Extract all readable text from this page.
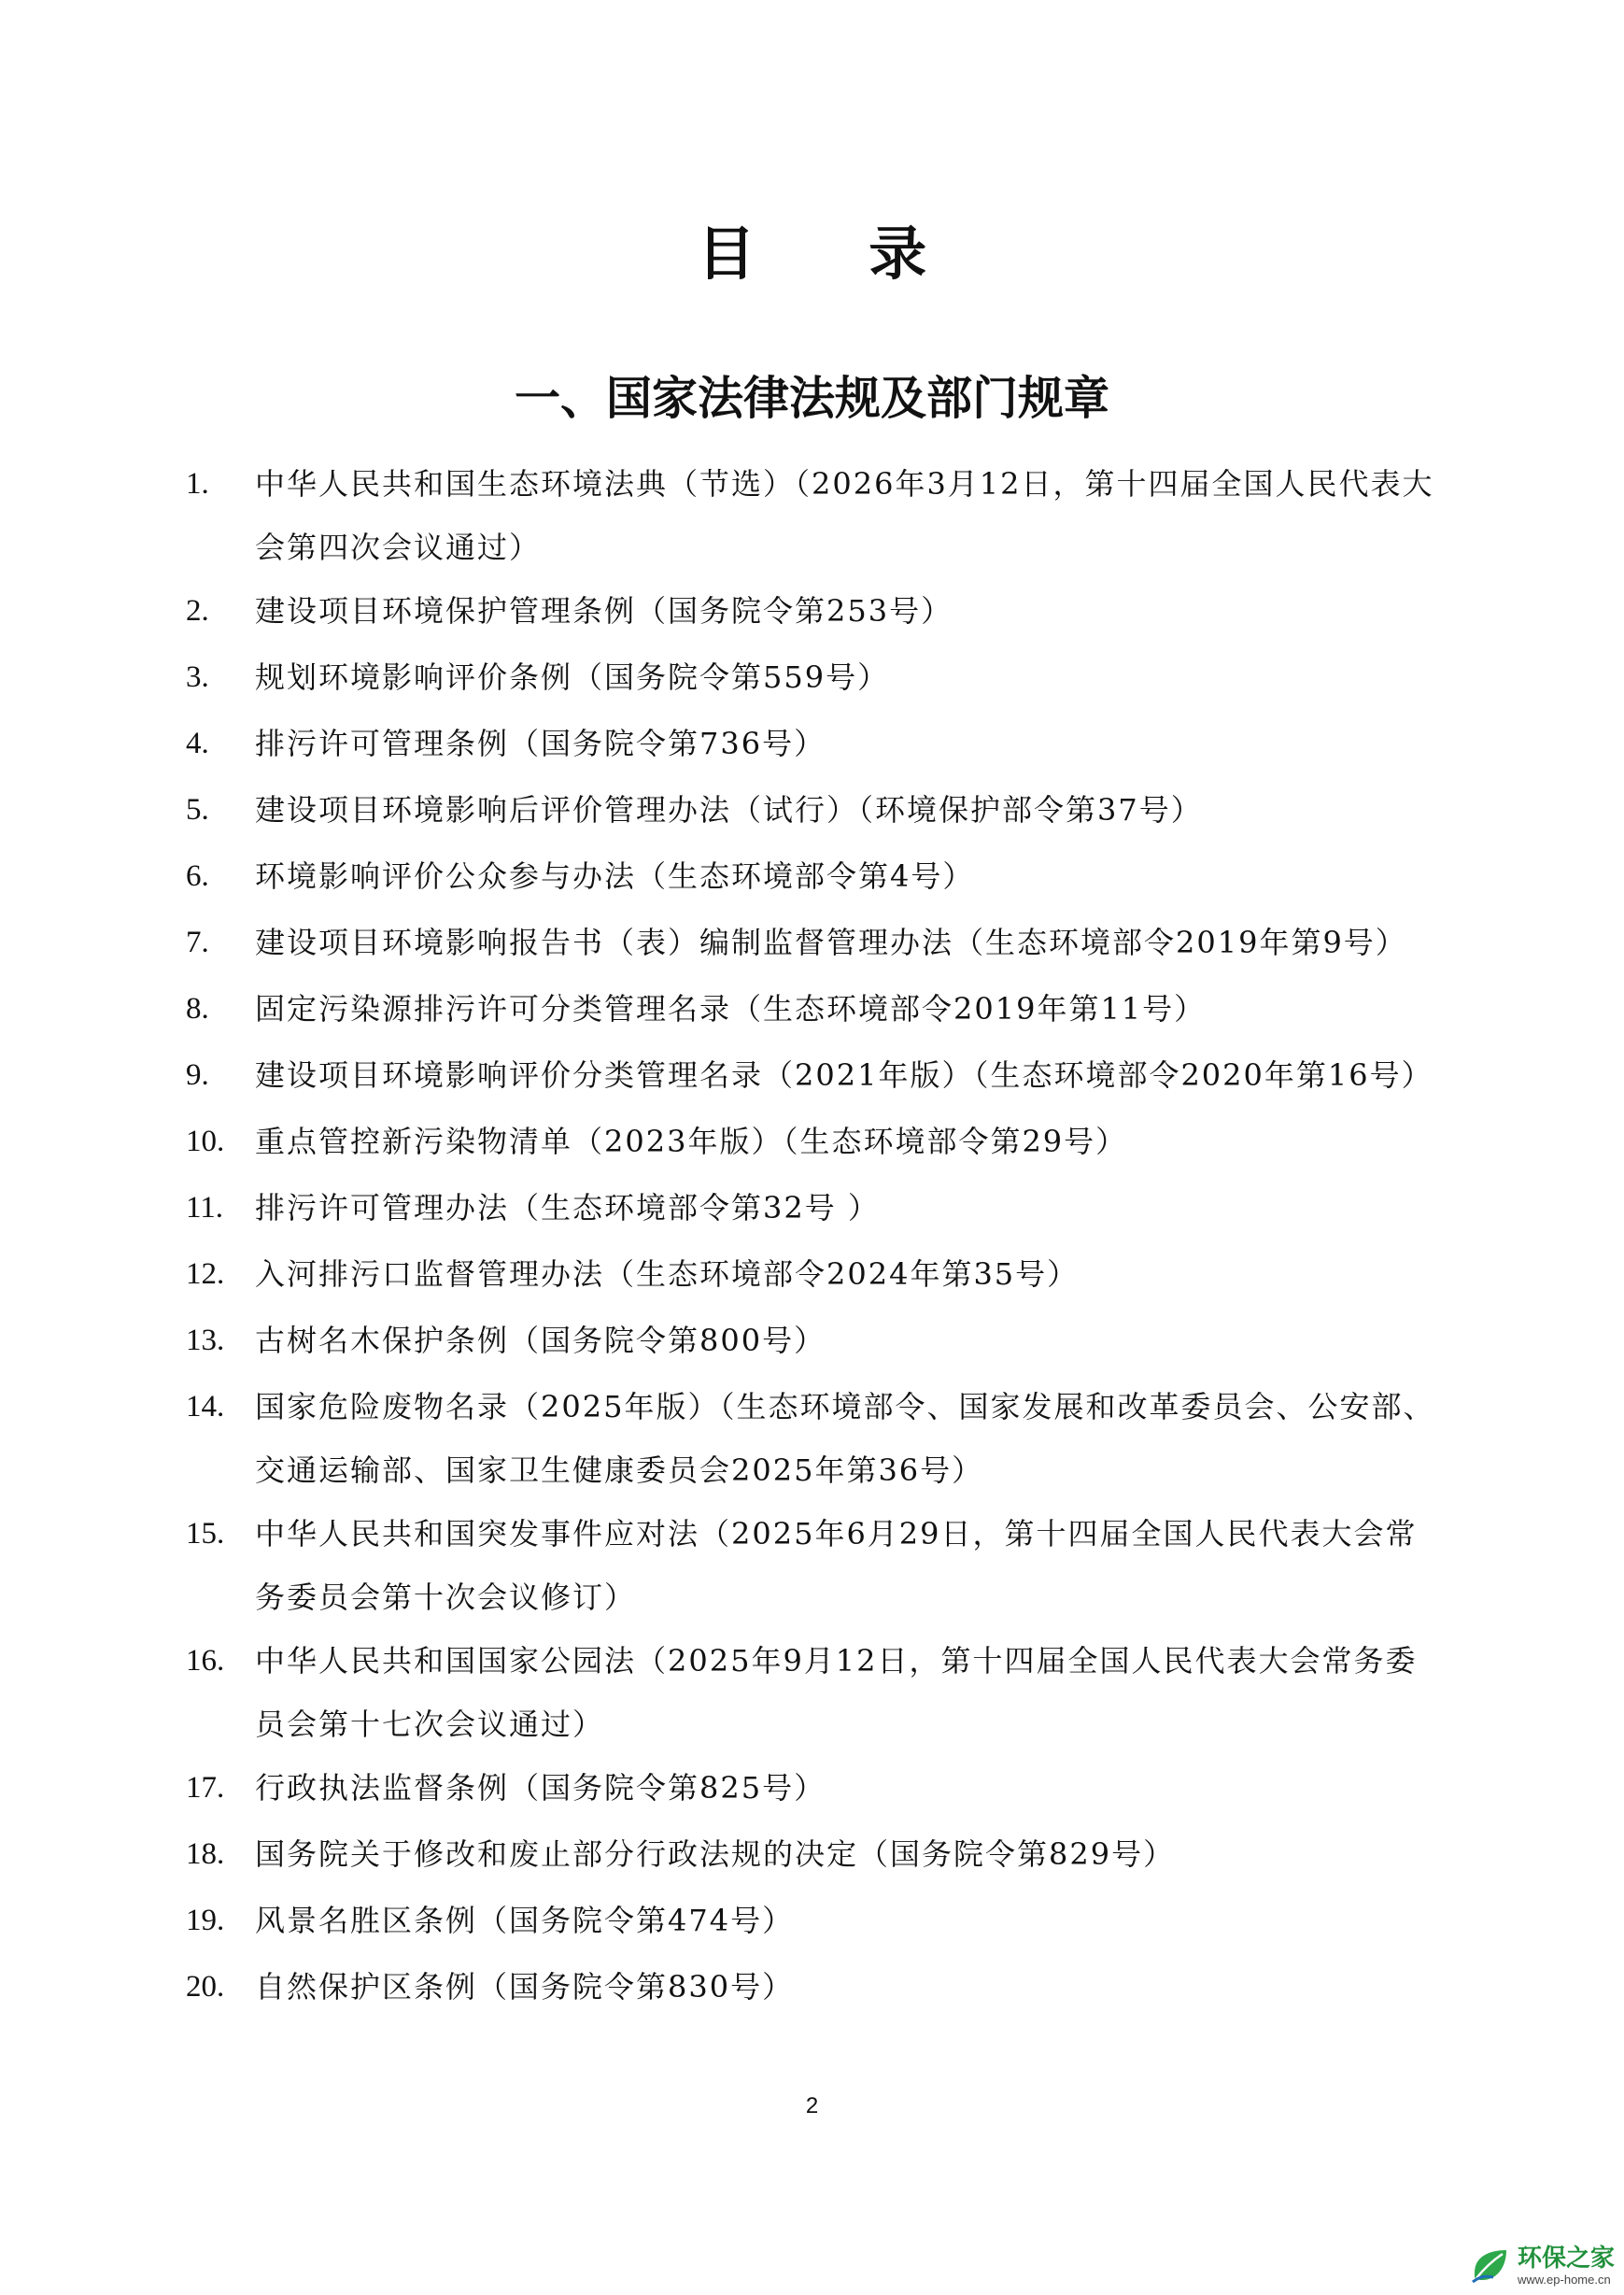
目 录
一、国家法律法规及部门规章
1.	中华人民共和国生态环境法典（节选）（2026年3月12日，第十四届全国人民代表大会第四次会议通过）
2.	建设项目环境保护管理条例（国务院令第253号）
3.	规划环境影响评价条例（国务院令第559号）
4.	排污许可管理条例（国务院令第736号）
5.	建设项目环境影响后评价管理办法（试行）（环境保护部令第37号）
6.	环境影响评价公众参与办法（生态环境部令第4号）
7.	建设项目环境影响报告书（表）编制监督管理办法（生态环境部令2019年第9号）
8.	固定污染源排污许可分类管理名录（生态环境部令2019年第11号）
9.	建设项目环境影响评价分类管理名录（2021年版）（生态环境部令2020年第16号）
10.	重点管控新污染物清单（2023年版）（生态环境部令第29号）
11.	排污许可管理办法（生态环境部令第32号 ）
12.	入河排污口监督管理办法（生态环境部令2024年第35号）
13.	古树名木保护条例（国务院令第800号）
14.	国家危险废物名录（2025年版）（生态环境部令、国家发展和改革委员会、公安部、交通运输部、国家卫生健康委员会2025年第36号）
15.	中华人民共和国突发事件应对法（2025年6月29日，第十四届全国人民代表大会常务委员会第十次会议修订）
16.	中华人民共和国国家公园法（2025年9月12日，第十四届全国人民代表大会常务委员会第十七次会议通过）
17.	行政执法监督条例（国务院令第825号）
18.	国务院关于修改和废止部分行政法规的决定（国务院令第829号）
19.	风景名胜区条例（国务院令第474号）
20.	自然保护区条例（国务院令第830号）
2
环保之家
www.ep-home.cn
